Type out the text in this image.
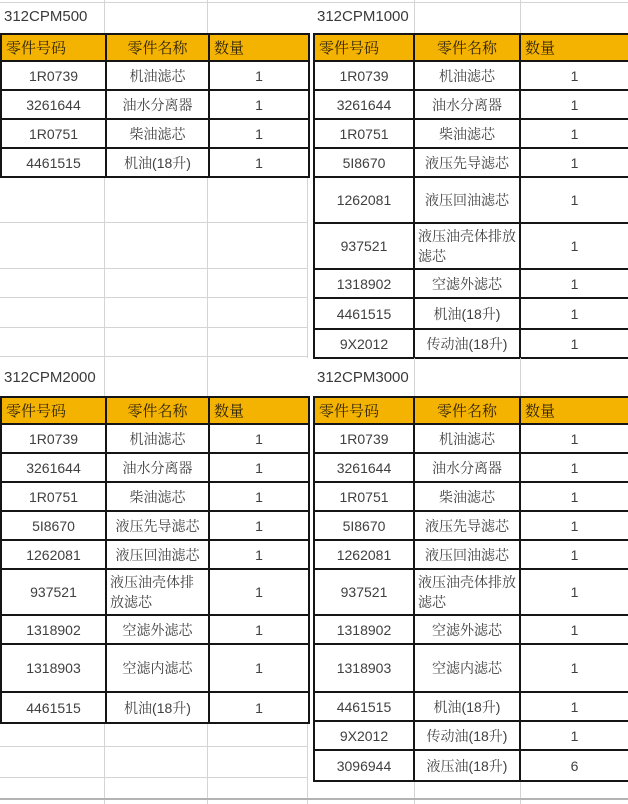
312CPM500
零件号码	零件名称	数量
1R0739	机油滤芯	1
3261644	油水分离器	1
1R0751	柴油滤芯	1
4461515	机油(18升)	1
312CPM1000
零件号码	零件名称	数量
1R0739	机油滤芯	1
3261644	油水分离器	1
1R0751	柴油滤芯	1
5I8670	液压先导滤芯	1
1262081	液压回油滤芯	1
937521	液压油壳体排放滤芯	1
1318902	空滤外滤芯	1
4461515	机油(18升)	1
9X2012	传动油(18升)	1
312CPM2000
零件号码	零件名称	数量
1R0739	机油滤芯	1
3261644	油水分离器	1
1R0751	柴油滤芯	1
5I8670	液压先导滤芯	1
1262081	液压回油滤芯	1
937521	液压油壳体排放滤芯	1
1318902	空滤外滤芯	1
1318903	空滤内滤芯	1
4461515	机油(18升)	1
312CPM3000
零件号码	零件名称	数量
1R0739	机油滤芯	1
3261644	油水分离器	1
1R0751	柴油滤芯	1
5I8670	液压先导滤芯	1
1262081	液压回油滤芯	1
937521	液压油壳体排放滤芯	1
1318902	空滤外滤芯	1
1318903	空滤内滤芯	1
4461515	机油(18升)	1
9X2012	传动油(18升)	1
3096944	液压油(18升)	6
